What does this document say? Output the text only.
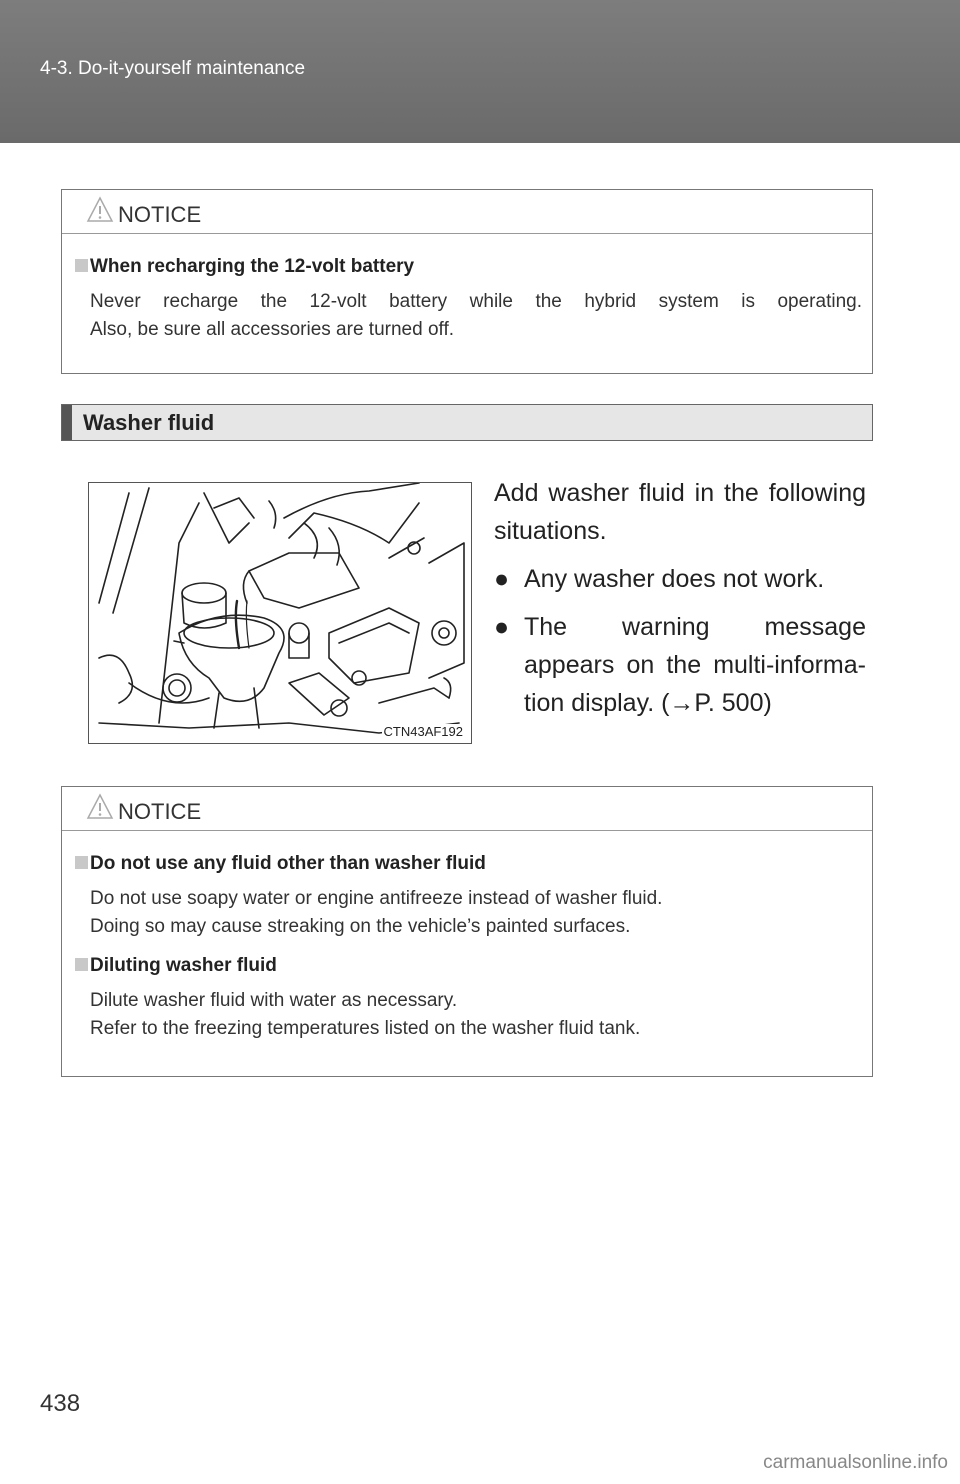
4-3. Do-it-yourself maintenance
NOTICE
When recharging the 12-volt battery
Never recharge the 12-volt battery while the hybrid system is operating.
Also, be sure all accessories are turned off.
Washer fluid
CTN43AF192
Add washer fluid in the following situations.
● Any washer does not work.
● The warning message
appears on the multi-informa-
tion display. (→P. 500)
NOTICE
Do not use any fluid other than washer fluid
Do not use soapy water or engine antifreeze instead of washer fluid.
Doing so may cause streaking on the vehicle’s painted surfaces.
Diluting washer fluid
Dilute washer fluid with water as necessary.
Refer to the freezing temperatures listed on the washer fluid tank.
438
carmanualsonline.info
